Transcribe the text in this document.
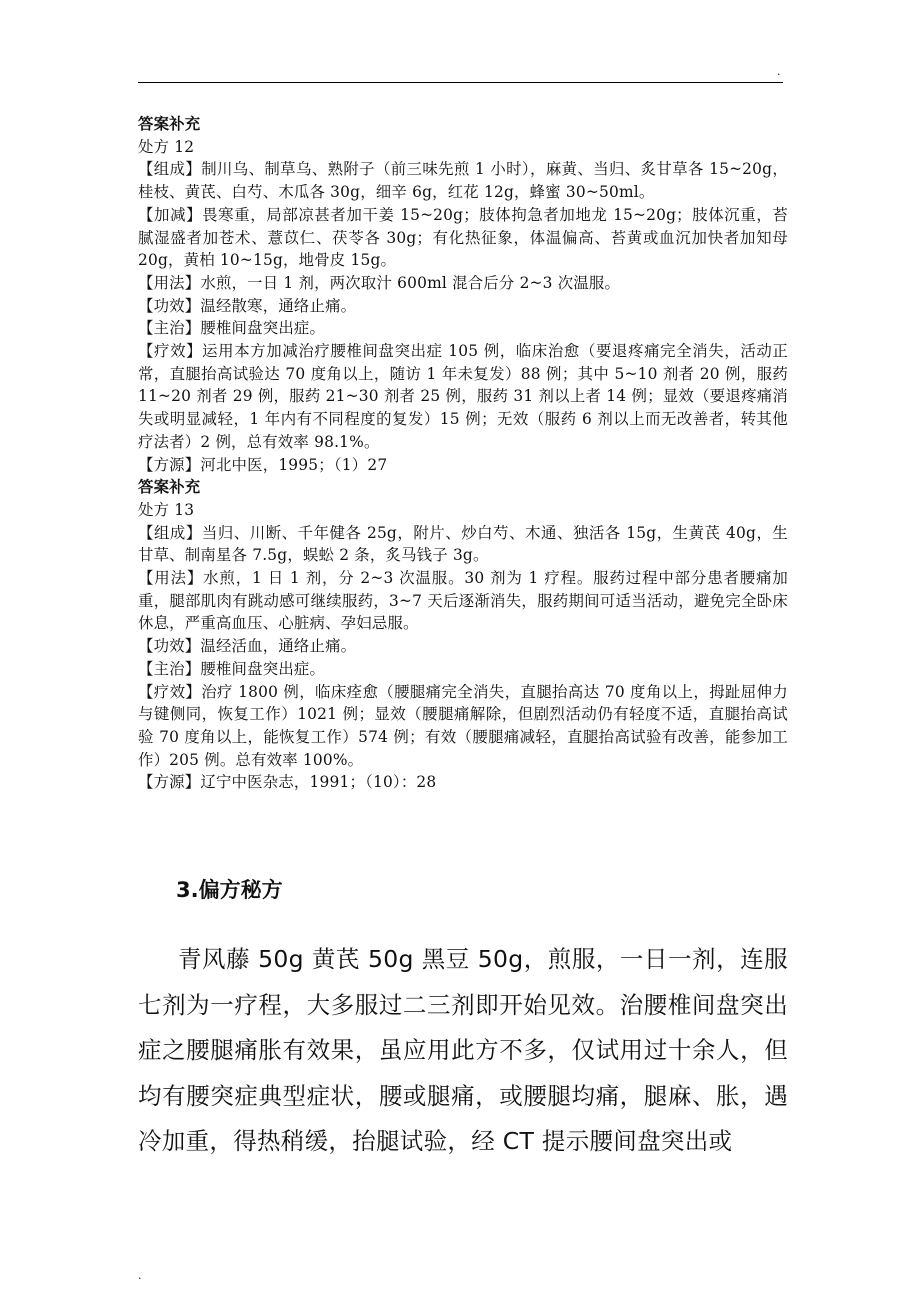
.

答案补充

处方 12

【组成】制川乌、制草乌、熟附子（前三味先煎 1 小时），麻黄、当归、炙甘草各 15~20g，桂枝、黄芪、白芍、木瓜各 30g，细辛 6g，红花 12g，蜂蜜 30~50ml。

【加减】畏寒重，局部凉甚者加干姜 15~20g；肢体拘急者加地龙 15~20g；肢体沉重，苔腻湿盛者加苍术、薏苡仁、茯苓各 30g；有化热征象，体温偏高、苔黄或血沉加快者加知母 20g，黄柏 10~15g，地骨皮 15g。

【用法】水煎，一日 1 剂，两次取汁 600ml 混合后分 2~3 次温服。

【功效】温经散寒，通络止痛。

【主治】腰椎间盘突出症。

【疗效】运用本方加减治疗腰椎间盘突出症 105 例，临床治愈（要退疼痛完全消失，活动正常，直腿抬高试验达 70 度角以上，随访 1 年未复发）88 例；其中 5~10 剂者 20 例，服药 11~20 剂者 29 例，服药 21~30 剂者 25 例，服药 31 剂以上者 14 例；显效（要退疼痛消失或明显减轻，1 年内有不同程度的复发）15 例；无效（服药 6 剂以上而无改善者，转其他疗法者）2 例，总有效率 98.1%。

【方源】河北中医，1995；（1）27

答案补充

处方 13

【组成】当归、川断、千年健各 25g，附片、炒白芍、木通、独活各 15g，生黄芪 40g，生甘草、制南星各 7.5g，蜈蚣 2 条，炙马钱子 3g。

【用法】水煎，1 日 1 剂，分 2~3 次温服。30 剂为 1 疗程。服药过程中部分患者腰痛加重，腿部肌肉有跳动感可继续服药，3~7 天后逐渐消失，服药期间可适当活动，避免完全卧床休息，严重高血压、心脏病、孕妇忌服。

【功效】温经活血，通络止痛。

【主治】腰椎间盘突出症。

【疗效】治疗 1800 例，临床痊愈（腰腿痛完全消失，直腿抬高达 70 度角以上，拇趾屈伸力与键侧同，恢复工作）1021 例；显效（腰腿痛解除，但剧烈活动仍有轻度不适，直腿抬高试验 70 度角以上，能恢复工作）574 例；有效（腰腿痛减轻，直腿抬高试验有改善，能参加工作）205 例。总有效率 100%。

【方源】辽宁中医杂志，1991；（10）：28

3.偏方秘方

青风藤 50g 黄芪 50g 黑豆 50g，煎服，一日一剂，连服七剂为一疗程，大多服过二三剂即开始见效。治腰椎间盘突出症之腰腿痛胀有效果，虽应用此方不多，仅试用过十余人，但均有腰突症典型症状，腰或腿痛，或腰腿均痛，腿麻、胀，遇冷加重，得热稍缓，抬腿试验，经 CT 提示腰间盘突出或

.
